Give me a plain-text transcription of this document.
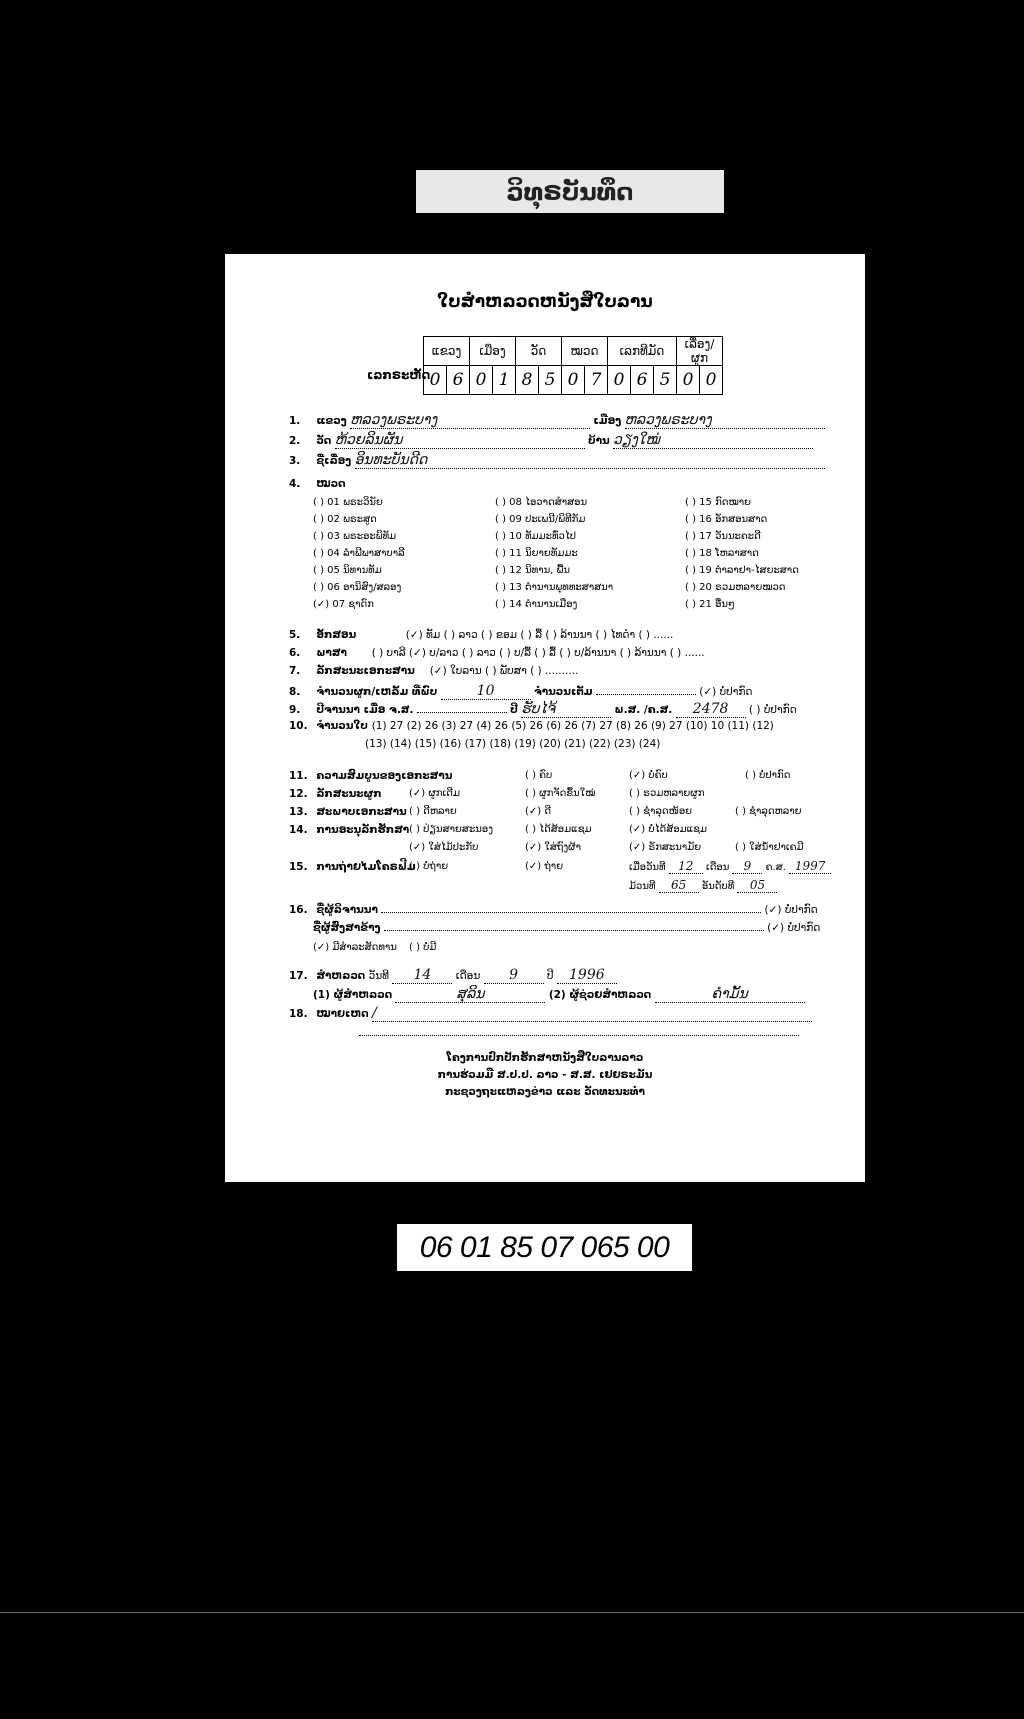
ວິທຸຣບັນທຶດ
ໃບສໍາຫລວດຫນັງສືໃບລານ
ເລກຣະຫັດ
ແຂວງ		ເມືອງ		ວັດ		ໝວດ		ເລກທີມັດ			ເລື່ອງ/ຜູກ	
0	6	0	1	8	5	0	7	0	6	5	0	0
1. ແຂວງ ຫລວງພຣະບາງ	ເມືອງ ຫລວງພຣະບາງ
2. ວັດ ຫ້ວຍລິນຜັນ	ບ້ານ ວຽງໃໝ່
3. ຊື່ເລື່ອງ ອິນທະບັນດີດ
4. ໝວດ
( ) 01 ພຣະວິນັຍ
( ) 02 ພຣະສູດ
( ) 03 ພຣະອະພິທັມ
( ) 04 ລໍາພີພາສາບາລີ
( ) 05 ນິທານທັມ
( ) 06 ອານິສົງ/ສລອງ
(✓) 07 ຊາດົກ
( ) 08 ໄອວາດສໍາສອນ
( ) 09 ປະເພນີ/ພິທີກັມ
( ) 10 ທັມມະທົ່ວໄປ
( ) 11 ນິຍາຍທັມມະ
( ) 12 ນິທານ, ພື້ນ
( ) 13 ຕໍານານພຸທທະສາສນາ
( ) 14 ຕໍານານເມືອງ
( ) 15 ກົດໝາຍ
( ) 16 ອັກສອນສາດ
( ) 17 ວັນນະຄະດີ
( ) 18 ໂຫລາສາດ
( ) 19 ຕໍາລາຢາ-ໄສຍະສາດ
( ) 20 ຣວມຫລາຍໝວດ
( ) 21 ອື່ນໆ
5. ອັກສອນ	(✓) ທັມ ( ) ລາວ ( ) ຂອມ ( ) ລື້ ( ) ລ້ານນາ ( ) ໄທດໍາ ( ) ......
6. ພາສາ ( ) ບາລີ (✓) ບ/ລາວ ( ) ລາວ ( ) ບ/ລື້ ( ) ລື້ ( ) ບ/ລ້ານນາ ( ) ລ້ານນາ ( ) ......
7. ລັກສະນະເອກະສານ (✓) ໃບລານ ( ) ພັບສາ ( ) ..........
8. ຈໍານວນຜູກ/ເຫລັ້ມ ທີ່ພົບ	10	ຈໍານວນເຕັມ	(✓) ບໍ່ປາກົດ
9. ປີຈານນາ ເມື່ອ ຈ.ສ.	ປີ ຮັບໄຈ້	ພ.ສ. /ຄ.ສ. 2478 ( ) ບໍ່ປາກົດ
10. ຈໍານວນໃບ (1) 27 (2) 26 (3) 27 (4) 26 (5) 26 (6) 26 (7) 27 (8) 26 (9) 27 (10) 10 (11) (12)
(13) (14) (15) (16) (17) (18) (19) (20) (21) (22) (23) (24)
11. ຄວາມສົມບູນຂອງເອກະສານ	( ) ຄົບ	(✓) ບໍ່ຄົບ	( ) ບໍ່ປາກົດ
12. ລັກສະນະຜູກ	(✓) ຜູກເດີມ	( ) ຜູກຈັດຂຶ້ນໃໝ່	( ) ຣວມຫລາຍຜູກ
13. ສະພາບເອກະສານ ( ) ດີຫລາຍ	(✓) ດີ	( ) ຊໍາລຸດໜ້ອຍ	( ) ຊໍາລຸດຫລາຍ
14. ການອະນຸລັກຮັກສາ ( ) ປ່ຽນສາຍສະນອງ	( ) ໄດ້ສ້ອມແຊມ	(✓) ບໍ່ໄດ້ສ້ອມແຊມ
(✓) ໃສ່ໄມ້ປະກັບ	(✓) ໃສ່ຖົງຜ້າ	(✓) ຣັກສະນາມັຍ	( ) ໃສ່ນໍ້າຢາເຄມີ
15. ການຖ່າຍໄມໂຄຣຟີມ
( ) ບໍ່ຖ່າຍ	(✓) ຖ່າຍ	ເມື່ອວັນທີ 12 ເດືອນ 9 ຄ.ສ. 1997
ມ້ວນທີ 65 ອັນດັບທີ 05
16. ຊື່ຜູ້ລິຈານນາ	(✓) ບໍ່ປາກົດ
ຊື່ຜູ້ສົ່ງສາຂ້າງ	(✓) ບໍ່ປາກົດ
(✓) ມີສໍາລະສັດທານ ( ) ບໍ່ມີ
17. ສໍາຫລວດ ວັນທີ 14 ເດືອນ 9	ປີ 1996
(1) ຜູ້ສໍາຫລວດ	ສຸລິນ	(2) ຜູ້ຊ່ວຍສໍາຫລວດ	ຄໍາມັ້ນ
18. ໝາຍເຫດ /

ໂຄງການປົກປັກຮັກສາຫນັງສືໃບລານລາວ
ການຮ່ວມມື ສ.ປ.ປ. ລາວ - ສ.ສ. ເຢຍຣະມັນ
ກະຊວງຖະແຫລງຂ່າວ ແລະ ວັດທະນະທໍາ
06 01 85 07 065 00
